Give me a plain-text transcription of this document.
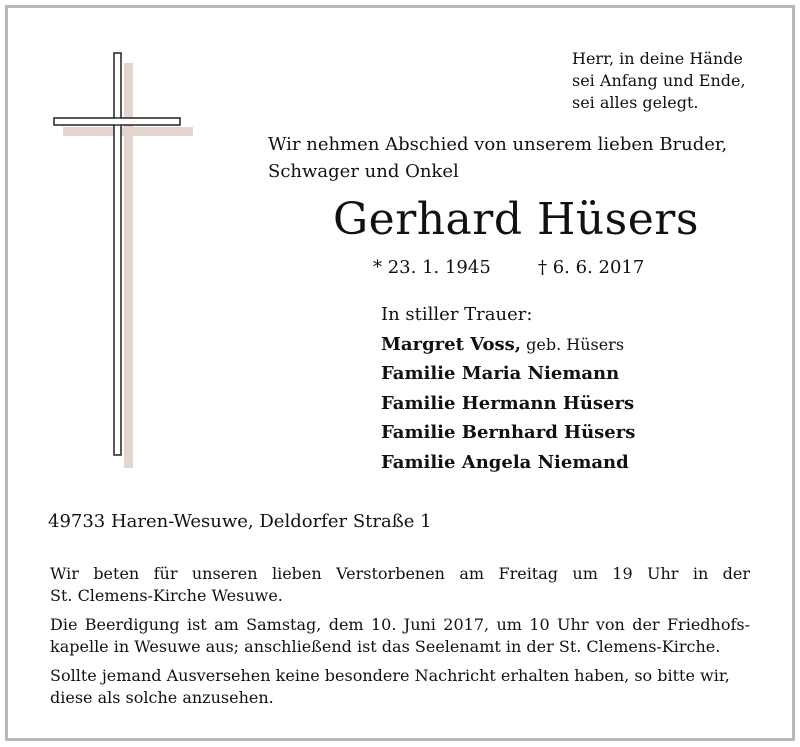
Herr, in deine Hände
sei Anfang und Ende,
sei alles gelegt.
Wir nehmen Abschied von unserem lieben Bruder,
Schwager und Onkel
Gerhard Hüsers
* 23. 1. 1945	† 6. 6. 2017
In stiller Trauer:
Margret Voss, geb. Hüsers
Familie Maria Niemann
Familie Hermann Hüsers
Familie Bernhard Hüsers
Familie Angela Niemand
49733 Haren-Wesuwe, Deldorfer Straße 1
Wir beten für unseren lieben Verstorbenen am Freitag um 19 Uhr in der
St. Clemens-Kirche Wesuwe.
Die Beerdigung ist am Samstag, dem 10. Juni 2017, um 10 Uhr von der Friedhofs-
kapelle in Wesuwe aus; anschließend ist das Seelenamt in der St. Clemens-Kirche.
Sollte jemand Ausversehen keine besondere Nachricht erhalten haben, so bitte wir,
diese als solche anzusehen.
